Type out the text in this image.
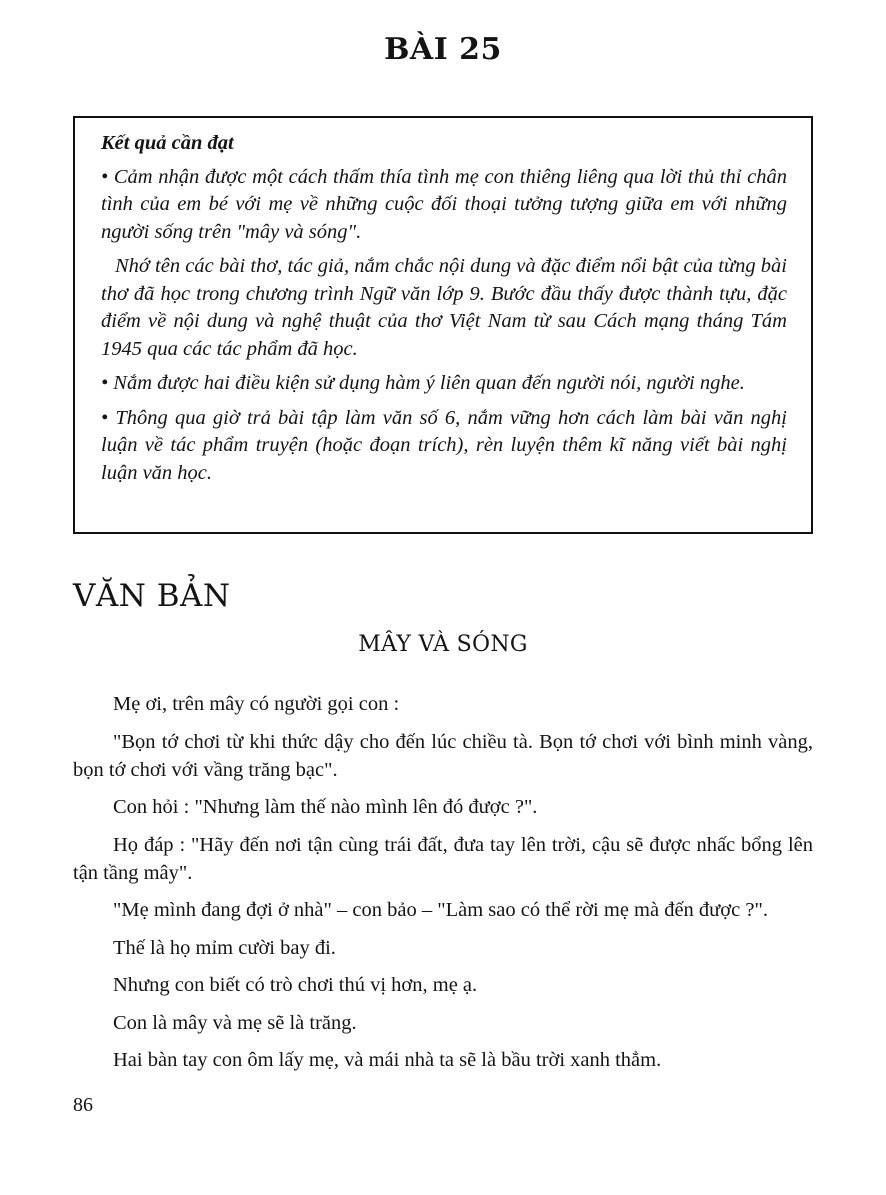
BÀI 25

Kết quả cần đạt

• Cảm nhận được một cách thấm thía tình mẹ con thiêng liêng qua lời thủ thỉ chân tình của em bé với mẹ về những cuộc đối thoại tưởng tượng giữa em với những người sống trên "mây và sóng".

Nhớ tên các bài thơ, tác giả, nắm chắc nội dung và đặc điểm nổi bật của từng bài thơ đã học trong chương trình Ngữ văn lớp 9. Bước đầu thấy được thành tựu, đặc điểm về nội dung và nghệ thuật của thơ Việt Nam từ sau Cách mạng tháng Tám 1945 qua các tác phẩm đã học.

• Nắm được hai điều kiện sử dụng hàm ý liên quan đến người nói, người nghe.

• Thông qua giờ trả bài tập làm văn số 6, nắm vững hơn cách làm bài văn nghị luận về tác phẩm truyện (hoặc đoạn trích), rèn luyện thêm kĩ năng viết bài nghị luận văn học.

VĂN BẢN
MÂY VÀ SÓNG

Mẹ ơi, trên mây có người gọi con :

"Bọn tớ chơi từ khi thức dậy cho đến lúc chiều tà. Bọn tớ chơi với bình minh vàng, bọn tớ chơi với vầng trăng bạc".

Con hỏi : "Nhưng làm thế nào mình lên đó được ?".

Họ đáp : "Hãy đến nơi tận cùng trái đất, đưa tay lên trời, cậu sẽ được nhấc bổng lên tận tầng mây".

"Mẹ mình đang đợi ở nhà" – con bảo – "Làm sao có thể rời mẹ mà đến được ?".

Thế là họ mỉm cười bay đi.

Nhưng con biết có trò chơi thú vị hơn, mẹ ạ.

Con là mây và mẹ sẽ là trăng.

Hai bàn tay con ôm lấy mẹ, và mái nhà ta sẽ là bầu trời xanh thẳm.

86
